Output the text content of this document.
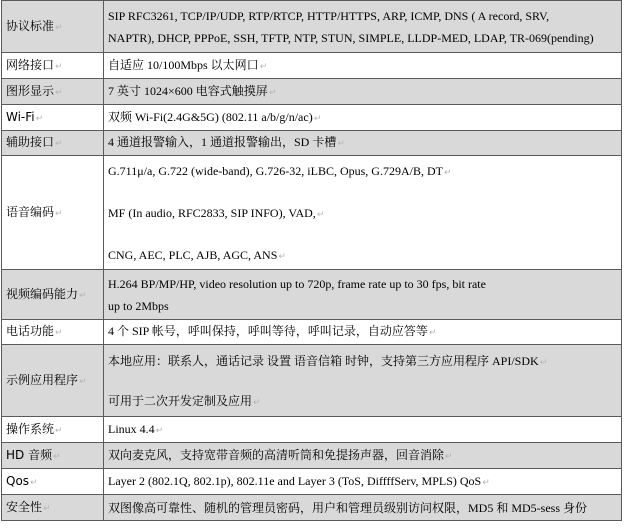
协议标准↵	SIP RFC3261, TCP/IP/UDP, RTP/RTCP, HTTP/HTTPS, ARP, ICMP, DNS ( A record, SRV,
NAPTR), DHCP, PPPoE, SSH, TFTP, NTP, STUN, SIMPLE, LLDP-MED, LDAP, TR-069(pending)

网络接口↵	自适应 10/100Mbps 以太网口↵
图形显示↵	7 英寸 1024×600 电容式触摸屏↵
Wi-Fi↵	双频 Wi-Fi(2.4G&5G) (802.11 a/b/g/n/ac)↵
辅助接口↵	4 通道报警输入，1 通道报警输出，SD 卡槽↵
语音编码↵	G.711μ/a, G.722 (wide-band), G.726-32, iLBC, Opus, G.729A/B, DT↵
MF (In audio, RFC2833, SIP INFO), VAD,↵
CNG, AEC, PLC, AJB, AGC, ANS↵

视频编码能力↵	H.264 BP/MP/HP, video resolution up to 720p, frame rate up to 30 fps, bit rate
up to 2Mbps

电话功能↵	4 个 SIP 帐号，呼叫保持，呼叫等待，呼叫记录，自动应答等↵
示例应用程序↵	本地应用：联系人，通话记录 设置 语音信箱 时钟，支持第三方应用程序 API/SDK↵
可用于二次开发定制及应用↵

操作系统↵	Linux 4.4↵
HD 音频↵	双向麦克风，支持宽带音频的高清听筒和免提扬声器，回音消除↵
Qos↵	Layer 2 (802.1Q, 802.1p), 802.11e and Layer 3 (ToS, DiffffServ, MPLS) QoS↵
安全性↵	双图像高可靠性、随机的管理员密码，用户和管理员级别访问权限，MD5 和 MD5-sess 身份
